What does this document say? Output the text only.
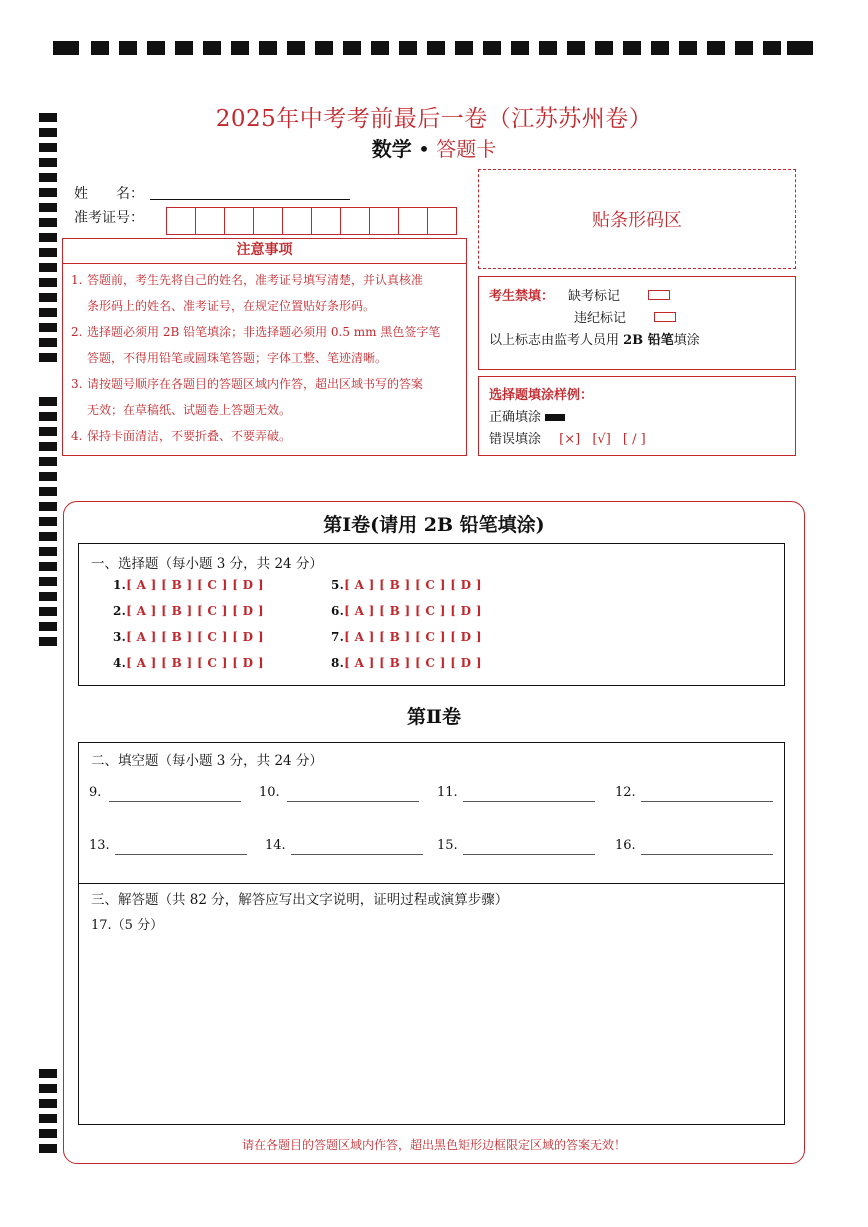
2025年中考考前最后一卷（江苏苏州卷）
数学 • 答题卡
姓　　名：
准考证号：	贴条形码区
注意事项
1. 答题前，考生先将自己的姓名，准考证号填写清楚，并认真核准
条形码上的姓名、准考证号，在规定位置贴好条形码。
2. 选择题必须用 2B 铅笔填涂；非选择题必须用 0.5 mm 黑色签字笔
答题，不得用铅笔或圆珠笔答题；字体工整、笔迹清晰。
3. 请按题号顺序在各题目的答题区域内作答，超出区域书写的答案
无效；在草稿纸、试题卷上答题无效。
4. 保持卡面清洁，不要折叠、不要弄破。
考生禁填： 缺考标记
违纪标记
以上标志由监考人员用 2B 铅笔填涂
选择题填涂样例：
正确填涂
错误填涂 [×] [√] [ / ]
第Ⅰ卷(请用 2B 铅笔填涂)
一、选择题（每小题 3 分，共 24 分）
1.[ A ] [ B ] [ C ] [ D ]
2.[ A ] [ B ] [ C ] [ D ]
3.[ A ] [ B ] [ C ] [ D ]
4.[ A ] [ B ] [ C ] [ D ]
5.[ A ] [ B ] [ C ] [ D ]
6.[ A ] [ B ] [ C ] [ D ]
7.[ A ] [ B ] [ C ] [ D ]
8.[ A ] [ B ] [ C ] [ D ]
第Ⅱ卷
二、填空题（每小题 3 分，共 24 分）
9.	10.	11.	12.
13.	14.	15.	16.
三、解答题（共 82 分，解答应写出文字说明，证明过程或演算步骤）
17.（5 分）
请在各题目的答题区域内作答，超出黑色矩形边框限定区域的答案无效！
